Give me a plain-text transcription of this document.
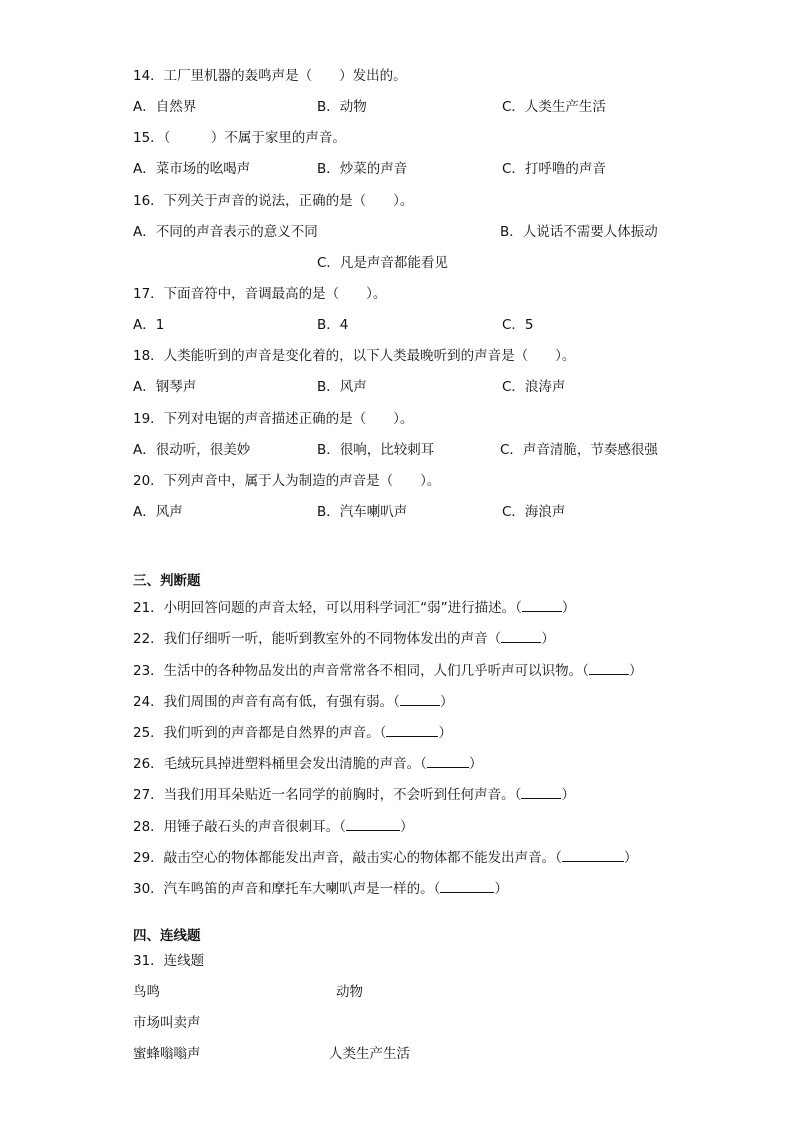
14．工厂里机器的轰鸣声是（　　）发出的。
A．自然界	B．动物	C．人类生产生活
15．（　　　）不属于家里的声音。
A．菜市场的吆喝声	B．炒菜的声音	C．打呼噜的声音
16．下列关于声音的说法，正确的是（　　）。
A．不同的声音表示的意义不同	B．人说话不需要人体振动
C．凡是声音都能看见
17．下面音符中，音调最高的是（　　）。
A．1	B．4	C．5
18．人类能听到的声音是变化着的，以下人类最晚听到的声音是（　　）。
A．钢琴声	B．风声	C．浪涛声
19．下列对电锯的声音描述正确的是（　　）。
A．很动听，很美妙	B．很响，比较刺耳	C．声音清脆，节奏感很强
20．下列声音中，属于人为制造的声音是（　　）。
A．风声	B．汽车喇叭声	C．海浪声
三、判断题
21．小明回答问题的声音太轻，可以用科学词汇“弱”进行描述。（	）
22．我们仔细听一听，能听到教室外的不同物体发出的声音（	）
23．生活中的各种物品发出的声音常常各不相同，人们几乎听声可以识物。（	）
24．我们周围的声音有高有低，有强有弱。（	）
25．我们听到的声音都是自然界的声音。（	）
26．毛绒玩具掉进塑料桶里会发出清脆的声音。（	）
27．当我们用耳朵贴近一名同学的前胸时，不会听到任何声音。（	）
28．用锤子敲石头的声音很刺耳。（	）
29．敲击空心的物体都能发出声音，敲击实心的物体都不能发出声音。（	）
30．汽车鸣笛的声音和摩托车大喇叭声是一样的。（	）
四、连线题
31．连线题
鸟鸣	动物
市场叫卖声
蜜蜂嗡嗡声	人类生产生活
